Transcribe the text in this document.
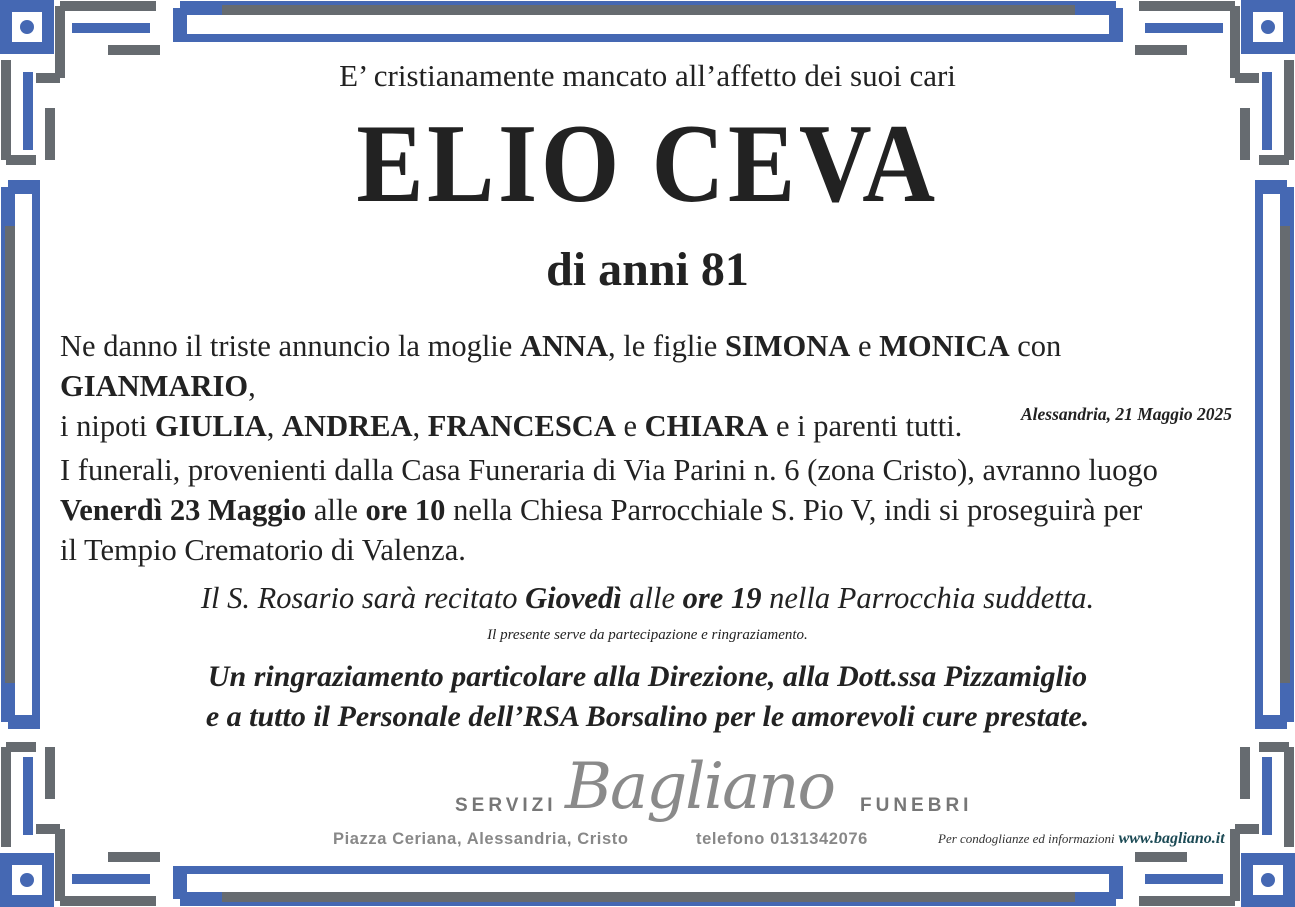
E’ cristianamente mancato all’affetto dei suoi cari
ELIO CEVA
di anni 81
Ne danno il triste annuncio la moglie ANNA, le figlie SIMONA e MONICA con GIANMARIO,
i nipoti GIULIA, ANDREA, FRANCESCA e CHIARA e i parenti tutti.	Alessandria, 21 Maggio 2025
I funerali, provenienti dalla Casa Funeraria di Via Parini n. 6 (zona Cristo), avranno luogo
Venerdì 23 Maggio alle ore 10 nella Chiesa Parrocchiale S. Pio V, indi si proseguirà per
il Tempio Crematorio di Valenza.
Il S. Rosario sarà recitato Giovedì alle ore 19 nella Parrocchia suddetta.
Il presente serve da partecipazione e ringraziamento.
Un ringraziamento particolare alla Direzione, alla Dott.ssa Pizzamiglio
e a tutto il Personale dell’RSA Borsalino per le amorevoli cure prestate.
SERVIZI Bagliano FUNEBRI
Piazza Ceriana, Alessandria, Cristo	telefono 0131342076	Per condoglianze ed informazioni www.bagliano.it
